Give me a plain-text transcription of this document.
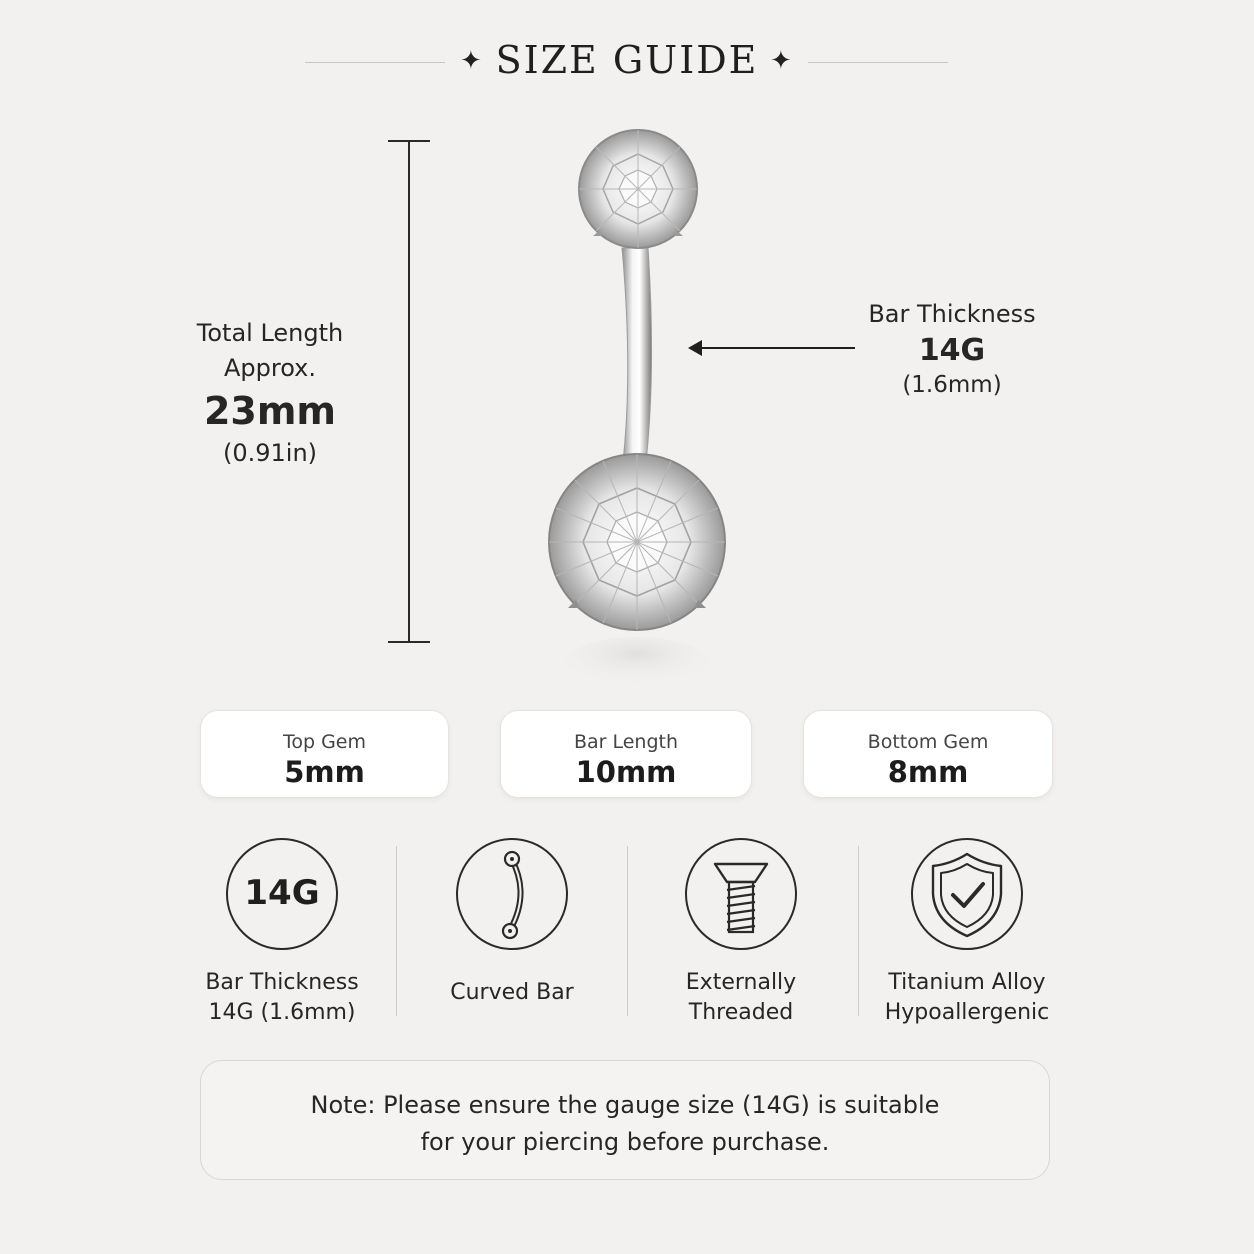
✦ SIZE GUIDE ✦
Total Length
Approx.
23mm
(0.91in)
Bar Thickness
14G
(1.6mm)
Top Gem
5mm
Bar Length
10mm
Bottom Gem
8mm
14G
Bar Thickness
14G (1.6mm)
Curved Bar	Externally
Threaded
Titanium Alloy
Hypoallergenic
Note: Please ensure the gauge size (14G) is suitable
for your piercing before purchase.
